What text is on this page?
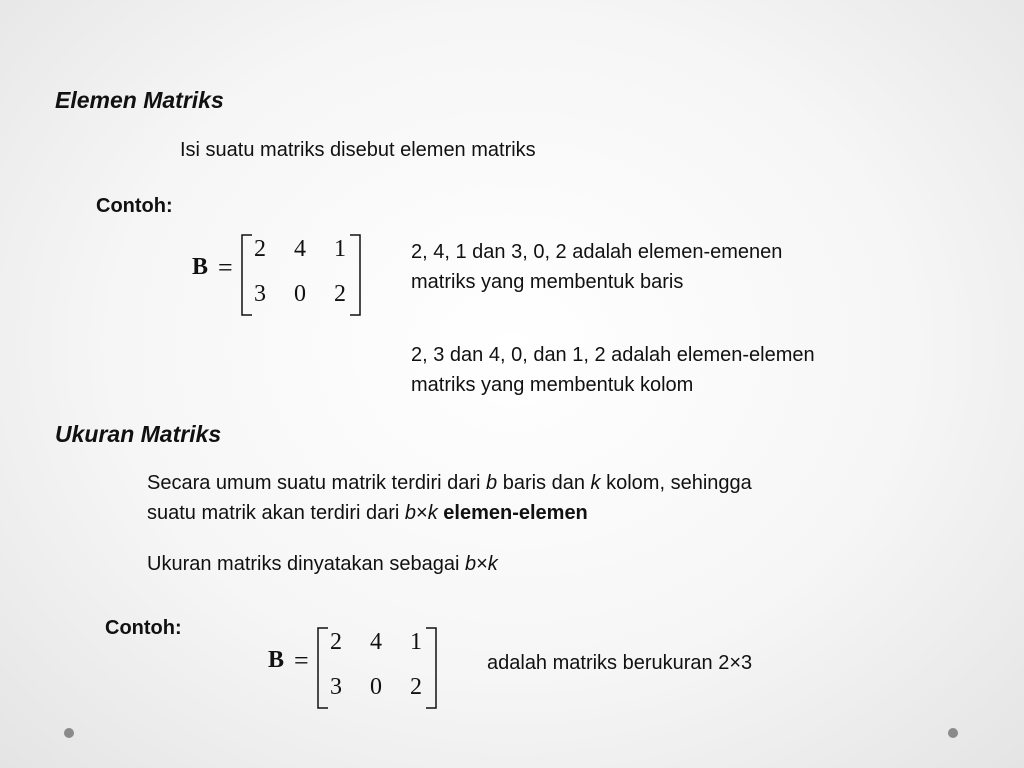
Elemen Matriks
Isi suatu matriks disebut elemen matriks
Contoh:
B =
2	4	1
3	0	2
2, 4, 1 dan 3, 0, 2 adalah elemen-emenen
matriks yang membentuk baris
2, 3 dan 4, 0, dan 1, 2 adalah elemen-elemen
matriks yang membentuk kolom
Ukuran Matriks
Secara umum suatu matrik terdiri dari b baris dan k kolom, sehingga
suatu matrik akan terdiri dari b×k elemen-elemen
Ukuran matriks dinyatakan sebagai b×k
Contoh:
B =
2	4	1
3	0	2
adalah matriks berukuran 2×3
